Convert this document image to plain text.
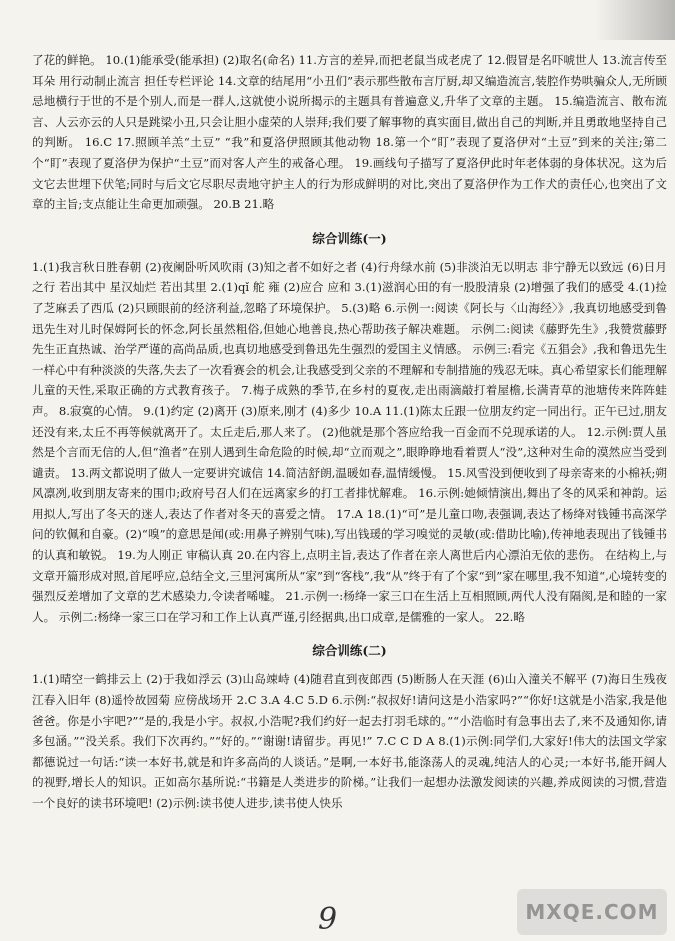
了花的鲜艳。 10.(1)能承受(能承担) (2)取名(命名) 11.方言的差异,而把老鼠当成老虎了 12.假冒是名吓唬世人 13.流言传至耳朵 用行动制止流言 担任专栏评论 14.文章的结尾用“小丑们”表示那些散布言厅厨,却又编造流言,装腔作势哄骗众人,无所顾忌地横行于世的不是个别人,而是一群人,这就使小说所揭示的主题具有普遍意义,升华了文章的主题。 15.编造流言、散布流言、人云亦云的人只是跳梁小丑,只会让胆小虚荣的人崇拜;我们要了解事物的真实面目,做出自己的判断,并且勇敢地坚持自己的判断。 16.C 17.照顾羊羔“土豆” “我”和夏洛伊照顾其他动物 18.第一个“盯”表现了夏洛伊对“土豆”到来的关注;第二个“盯”表现了夏洛伊为保护“土豆”而对客人产生的戒备心理。 19.画线句子描写了夏洛伊此时年老体弱的身体状况。这为后文它去世埋下伏笔;同时与后文它尽职尽责地守护主人的行为形成鲜明的对比,突出了夏洛伊作为工作犬的责任心,也突出了文章的主旨;支点能让生命更加顽强。 20.B 21.略

综合训练(一)

1.(1)我言秋日胜春朝 (2)夜阑卧听风吹雨 (3)知之者不如好之者 (4)行舟绿水前 (5)非淡泊无以明志 非宁静无以致远 (6)日月之行 若出其中 星汉灿烂 若出其里 2.(1)qǐ 舵 雍 (2)应合 应和 3.(1)滋润心田的有一股股清泉 (2)增强了我们的感受 4.(1)捡了芝麻丢了西瓜 (2)只顾眼前的经济利益,忽略了环境保护。 5.(3)略 6.示例一:阅读《阿长与〈山海经〉》,我真切地感受到鲁迅先生对儿时保姆阿长的怀念,阿长虽然粗俗,但她心地善良,热心帮助孩子解决难题。 示例二:阅读《藤野先生》,我赞赏藤野先生正直热诚、治学严谨的高尚品质,也真切地感受到鲁迅先生强烈的爱国主义情感。 示例三:看完《五猖会》,我和鲁迅先生一样心中有种淡淡的失落,失去了一次看赛会的机会,让我感受到父亲的不理解和专制措施的残忍无味。真心希望家长们能理解儿童的天性,采取正确的方式教育孩子。 7.梅子成熟的季节,在乡村的夏夜,走出雨滴敲打着屋檐,长满青草的池塘传来阵阵蛙声。 8.寂寞的心情。 9.(1)约定 (2)离开 (3)原来,刚才 (4)多少 10.A 11.(1)陈太丘跟一位朋友约定一同出行。正午已过,朋友还没有来,太丘不再等候就离开了。太丘走后,那人来了。 (2)他就是那个答应给我一百金而不兑现承诺的人。 12.示例:贾人虽然是个言而无信的人,但“渔者”在别人遇到生命危险的时候,却“立而观之”,眼睁睁地看着贾人“没”,这种对生命的漠然应当受到谴责。 13.两文都说明了做人一定要讲究诚信 14.简洁舒朗,温暖如春,温情缓慢。 15.风雪没到便收到了母亲寄来的小棉袄;朔风凛冽,收到朋友寄来的围巾;政府号召人们在远离家乡的打工者排忧解难。 16.示例:她倾情演出,舞出了冬的风采和神韵。运用拟人,写出了冬天的迷人,表达了作者对冬天的喜爱之情。 17.A 18.(1)“可”是儿童口吻,表强调,表达了杨绛对钱锺书高深学问的钦佩和自豪。(2)“嗅”的意思是闻(或:用鼻子辨别气味),写出钱瑗的学习嗅觉的灵敏(或:借助比喻),传神地表现出了钱锺书的认真和敏锐。 19.为人刚正 审稿认真 20.在内容上,点明主旨,表达了作者在亲人离世后内心漂泊无依的悲伤。 在结构上,与文章开篇形成对照,首尾呼应,总结全文,三里河寓所从“家”到“客栈”,我“从”终于有了个家“到”家在哪里,我不知道“,心境转变的强烈反差增加了文章的艺术感染力,令读者唏嘘。 21.示例一:杨绛一家三口在生活上互相照顾,两代人没有隔阂,是和睦的一家人。 示例二:杨绛一家三口在学习和工作上认真严谨,引经据典,出口成章,是儒雅的一家人。 22.略

综合训练(二)

1.(1)晴空一鹤排云上 (2)于我如浮云 (3)山岛竦峙 (4)随君直到夜郎西 (5)断肠人在天涯 (6)山入潼关不解平 (7)海日生残夜 江春入旧年 (8)遥怜故园菊 应傍战场开 2.C 3.A 4.C 5.D 6.示例:“叔叔好!请问这是小浩家吗?”“你好!这就是小浩家,我是他爸爸。你是小宇吧?”“是的,我是小宇。叔叔,小浩呢?我们约好一起去打羽毛球的。”“小浩临时有急事出去了,来不及通知你,请多包涵。”“没关系。我们下次再约。”“好的。”“谢谢!请留步。再见!” 7.C C D A 8.(1)示例:同学们,大家好!伟大的法国文学家都德说过一句话:“读一本好书,就是和许多高尚的人谈话。”是啊,一本好书,能涤荡人的灵魂,纯洁人的心灵;一本好书,能开阔人的视野,增长人的知识。正如高尔基所说:“书籍是人类进步的阶梯。”让我们一起想办法激发阅读的兴趣,养成阅读的习惯,营造一个良好的读书环境吧! (2)示例:读书使人进步,读书使人快乐

9	MXQE.COM
